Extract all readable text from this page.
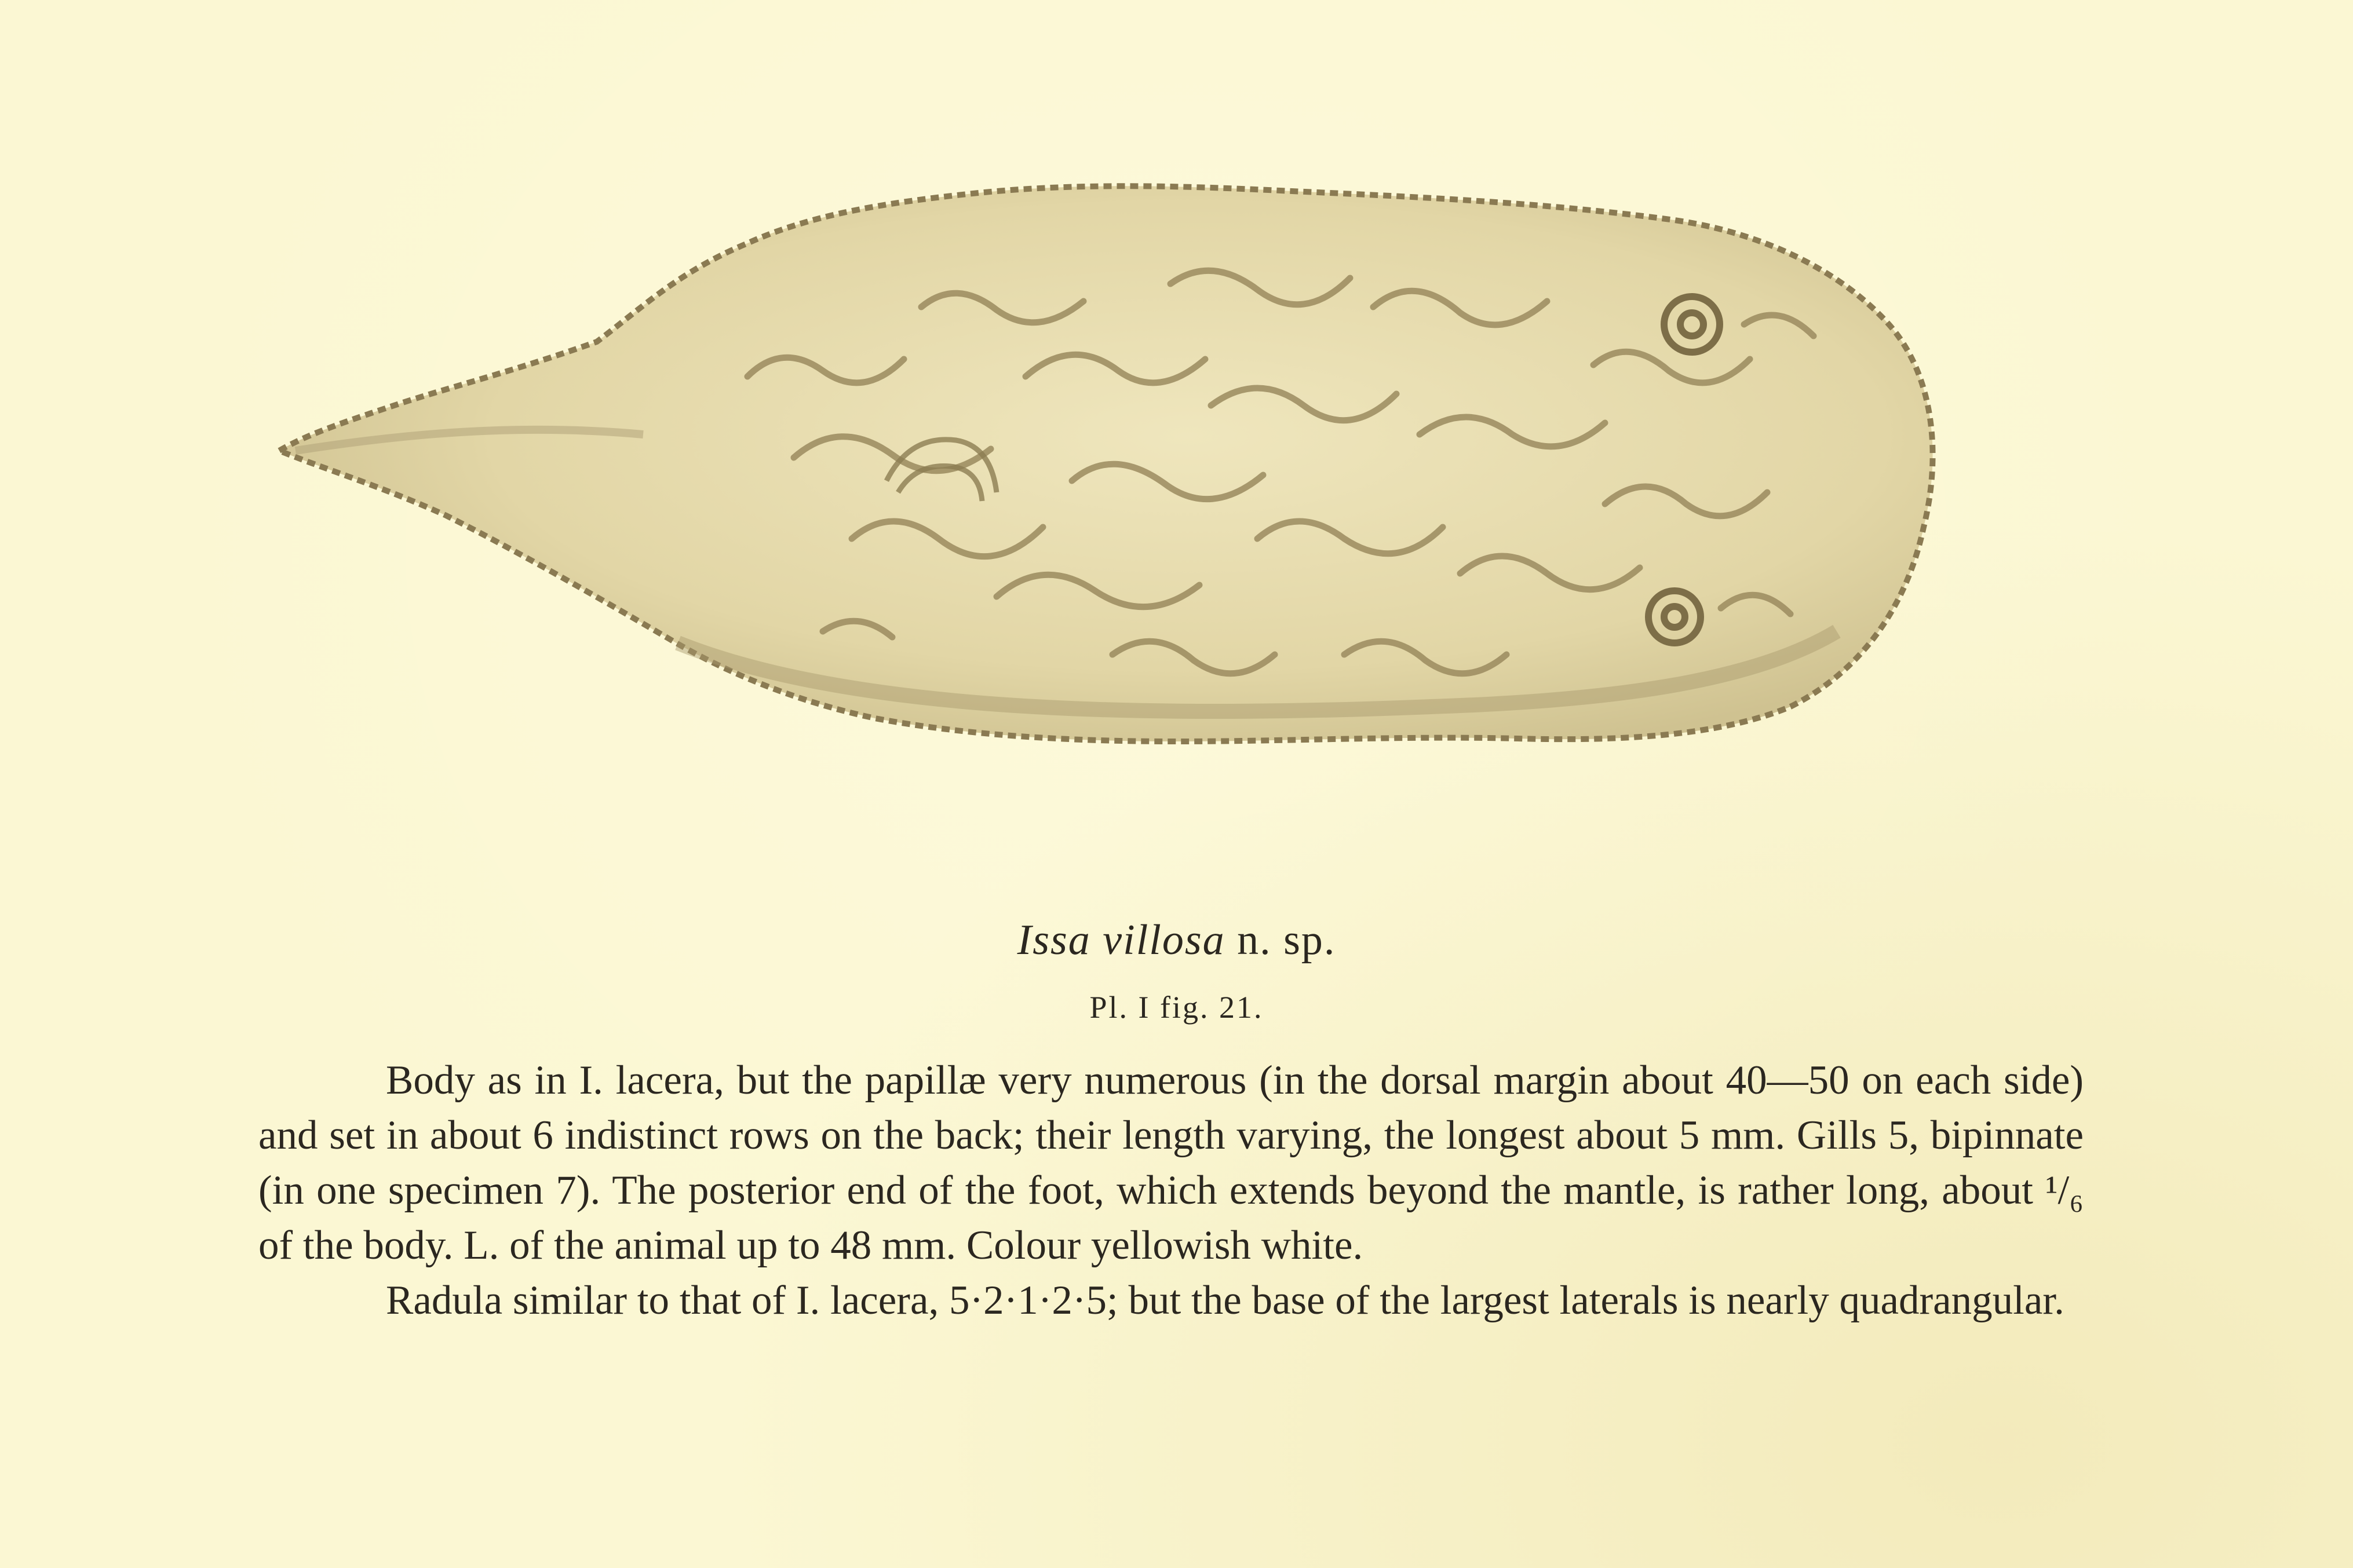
Issa villosa n. sp.
Pl. I fig. 21.

Body as in I. lacera, but the papillæ very numerous (in the dorsal margin about 40—50 on each side) and set in about 6 indistinct rows on the back; their length varying, the longest about 5 mm. Gills 5, bipinnate (in one specimen 7). The posterior end of the foot, which extends beyond the mantle, is rather long, about ¹/₆ of the body. L. of the animal up to 48 mm. Colour yellowish white.

Radula similar to that of I. lacera, 5·2·1·2·5; but the base of the largest laterals is nearly quadrangular.
